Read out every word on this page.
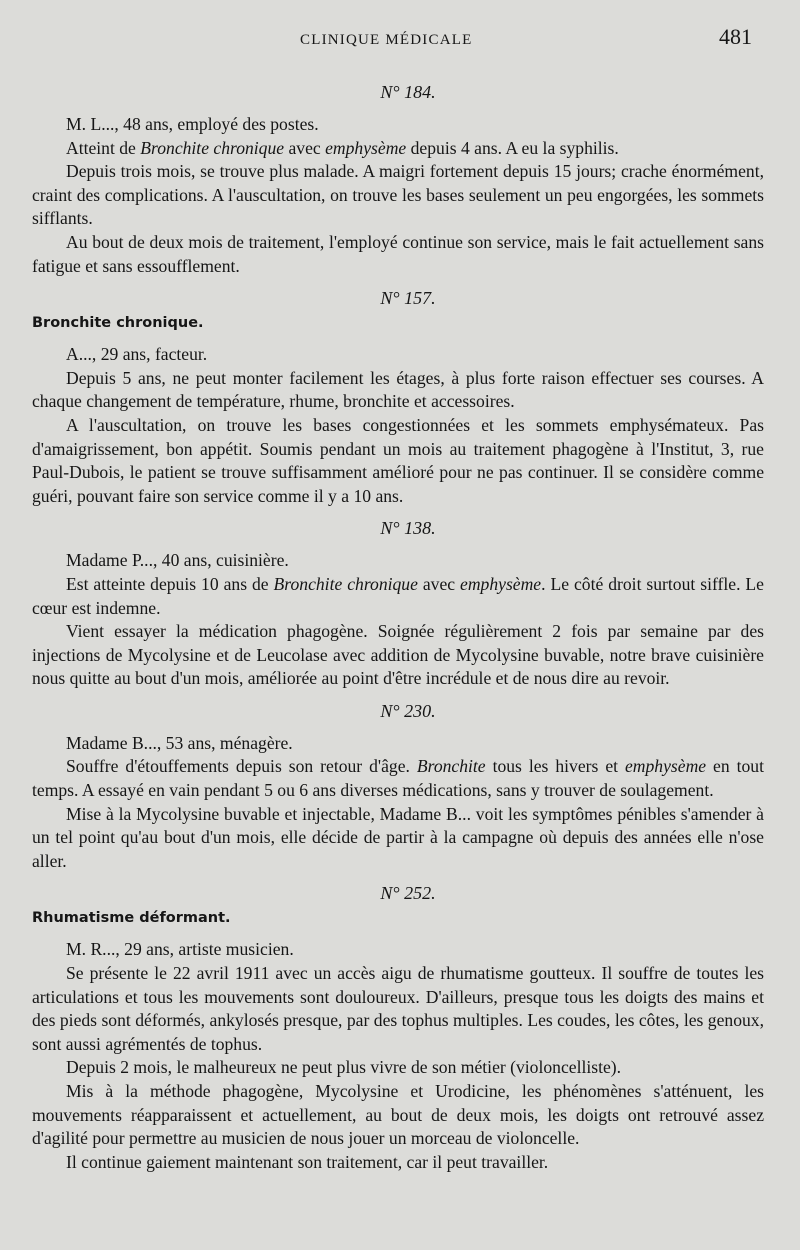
CLINIQUE MÉDICALE	481
N° 184.

M. L..., 48 ans, employé des postes.

Atteint de Bronchite chronique avec emphysème depuis 4 ans. A eu la syphilis.

Depuis trois mois, se trouve plus malade. A maigri fortement depuis 15 jours; crache énormément, craint des complications. A l'auscultation, on trouve les bases seulement un peu engorgées, les sommets sifflants.

Au bout de deux mois de traitement, l'employé continue son service, mais le fait actuellement sans fatigue et sans essoufflement.

N° 157.
Bronchite chronique.

A..., 29 ans, facteur.

Depuis 5 ans, ne peut monter facilement les étages, à plus forte raison effectuer ses courses. A chaque changement de température, rhume, bronchite et accessoires.

A l'auscultation, on trouve les bases congestionnées et les sommets emphysémateux. Pas d'amaigrissement, bon appétit. Soumis pendant un mois au traitement phagogène à l'Institut, 3, rue Paul-Dubois, le patient se trouve suffisamment amélioré pour ne pas continuer. Il se considère comme guéri, pouvant faire son service comme il y a 10 ans.

N° 138.

Madame P..., 40 ans, cuisinière.

Est atteinte depuis 10 ans de Bronchite chronique avec emphysème. Le côté droit surtout siffle. Le cœur est indemne.

Vient essayer la médication phagogène. Soignée régulièrement 2 fois par semaine par des injections de Mycolysine et de Leucolase avec addition de Mycolysine buvable, notre brave cuisinière nous quitte au bout d'un mois, améliorée au point d'être incrédule et de nous dire au revoir.

N° 230.

Madame B..., 53 ans, ménagère.

Souffre d'étouffements depuis son retour d'âge. Bronchite tous les hivers et emphysème en tout temps. A essayé en vain pendant 5 ou 6 ans diverses médications, sans y trouver de soulagement.

Mise à la Mycolysine buvable et injectable, Madame B... voit les symptômes pénibles s'amender à un tel point qu'au bout d'un mois, elle décide de partir à la campagne où depuis des années elle n'ose aller.

N° 252.
Rhumatisme déformant.

M. R..., 29 ans, artiste musicien.

Se présente le 22 avril 1911 avec un accès aigu de rhumatisme goutteux. Il souffre de toutes les articulations et tous les mouvements sont douloureux. D'ailleurs, presque tous les doigts des mains et des pieds sont déformés, ankylosés presque, par des tophus multiples. Les coudes, les côtes, les genoux, sont aussi agrémentés de tophus.

Depuis 2 mois, le malheureux ne peut plus vivre de son métier (violoncelliste).

Mis à la méthode phagogène, Mycolysine et Urodicine, les phénomènes s'atténuent, les mouvements réapparaissent et actuellement, au bout de deux mois, les doigts ont retrouvé assez d'agilité pour permettre au musicien de nous jouer un morceau de violoncelle.

Il continue gaiement maintenant son traitement, car il peut travailler.
